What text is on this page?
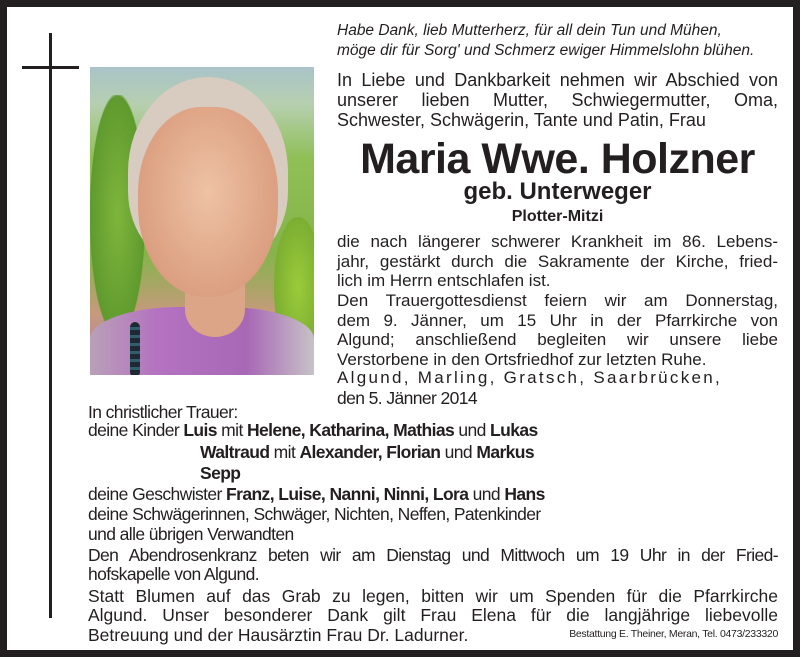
Habe Dank, lieb Mutterherz, für all dein Tun und Mühen,
möge dir für Sorg' und Schmerz ewiger Himmelslohn blühen.
In Liebe und Dankbarkeit nehmen wir Abschied von
unserer lieben Mutter, Schwiegermutter, Oma,
Schwester, Schwägerin, Tante und Patin, Frau
Maria Wwe. Holzner
geb. Unterweger
Plotter-Mitzi
die nach längerer schwerer Krankheit im 86. Lebens-
jahr, gestärkt durch die Sakramente der Kirche, fried-
lich im Herrn entschlafen ist.
Den Trauergottesdienst feiern wir am Donnerstag,
dem 9. Jänner, um 15 Uhr in der Pfarrkirche von
Algund; anschließend begleiten wir unsere liebe
Verstorbene in den Ortsfriedhof zur letzten Ruhe.
Algund, Marling, Gratsch, Saarbrücken,
den 5. Jänner 2014
In christlicher Trauer:
deine Kinder Luis mit Helene, Katharina, Mathias und Lukas
Waltraud mit Alexander, Florian und Markus
Sepp
deine Geschwister Franz, Luise, Nanni, Ninni, Lora und Hans
deine Schwägerinnen, Schwäger, Nichten, Neffen, Patenkinder
und alle übrigen Verwandten
Den Abendrosenkranz beten wir am Dienstag und Mittwoch um 19 Uhr in der Fried-
hofskapelle von Algund.
Statt Blumen auf das Grab zu legen, bitten wir um Spenden für die Pfarrkirche
Algund. Unser besonderer Dank gilt Frau Elena für die langjährige liebevolle
Betreuung und der Hausärztin Frau Dr. Ladurner.	Bestattung E. Theiner, Meran, Tel. 0473/233320
